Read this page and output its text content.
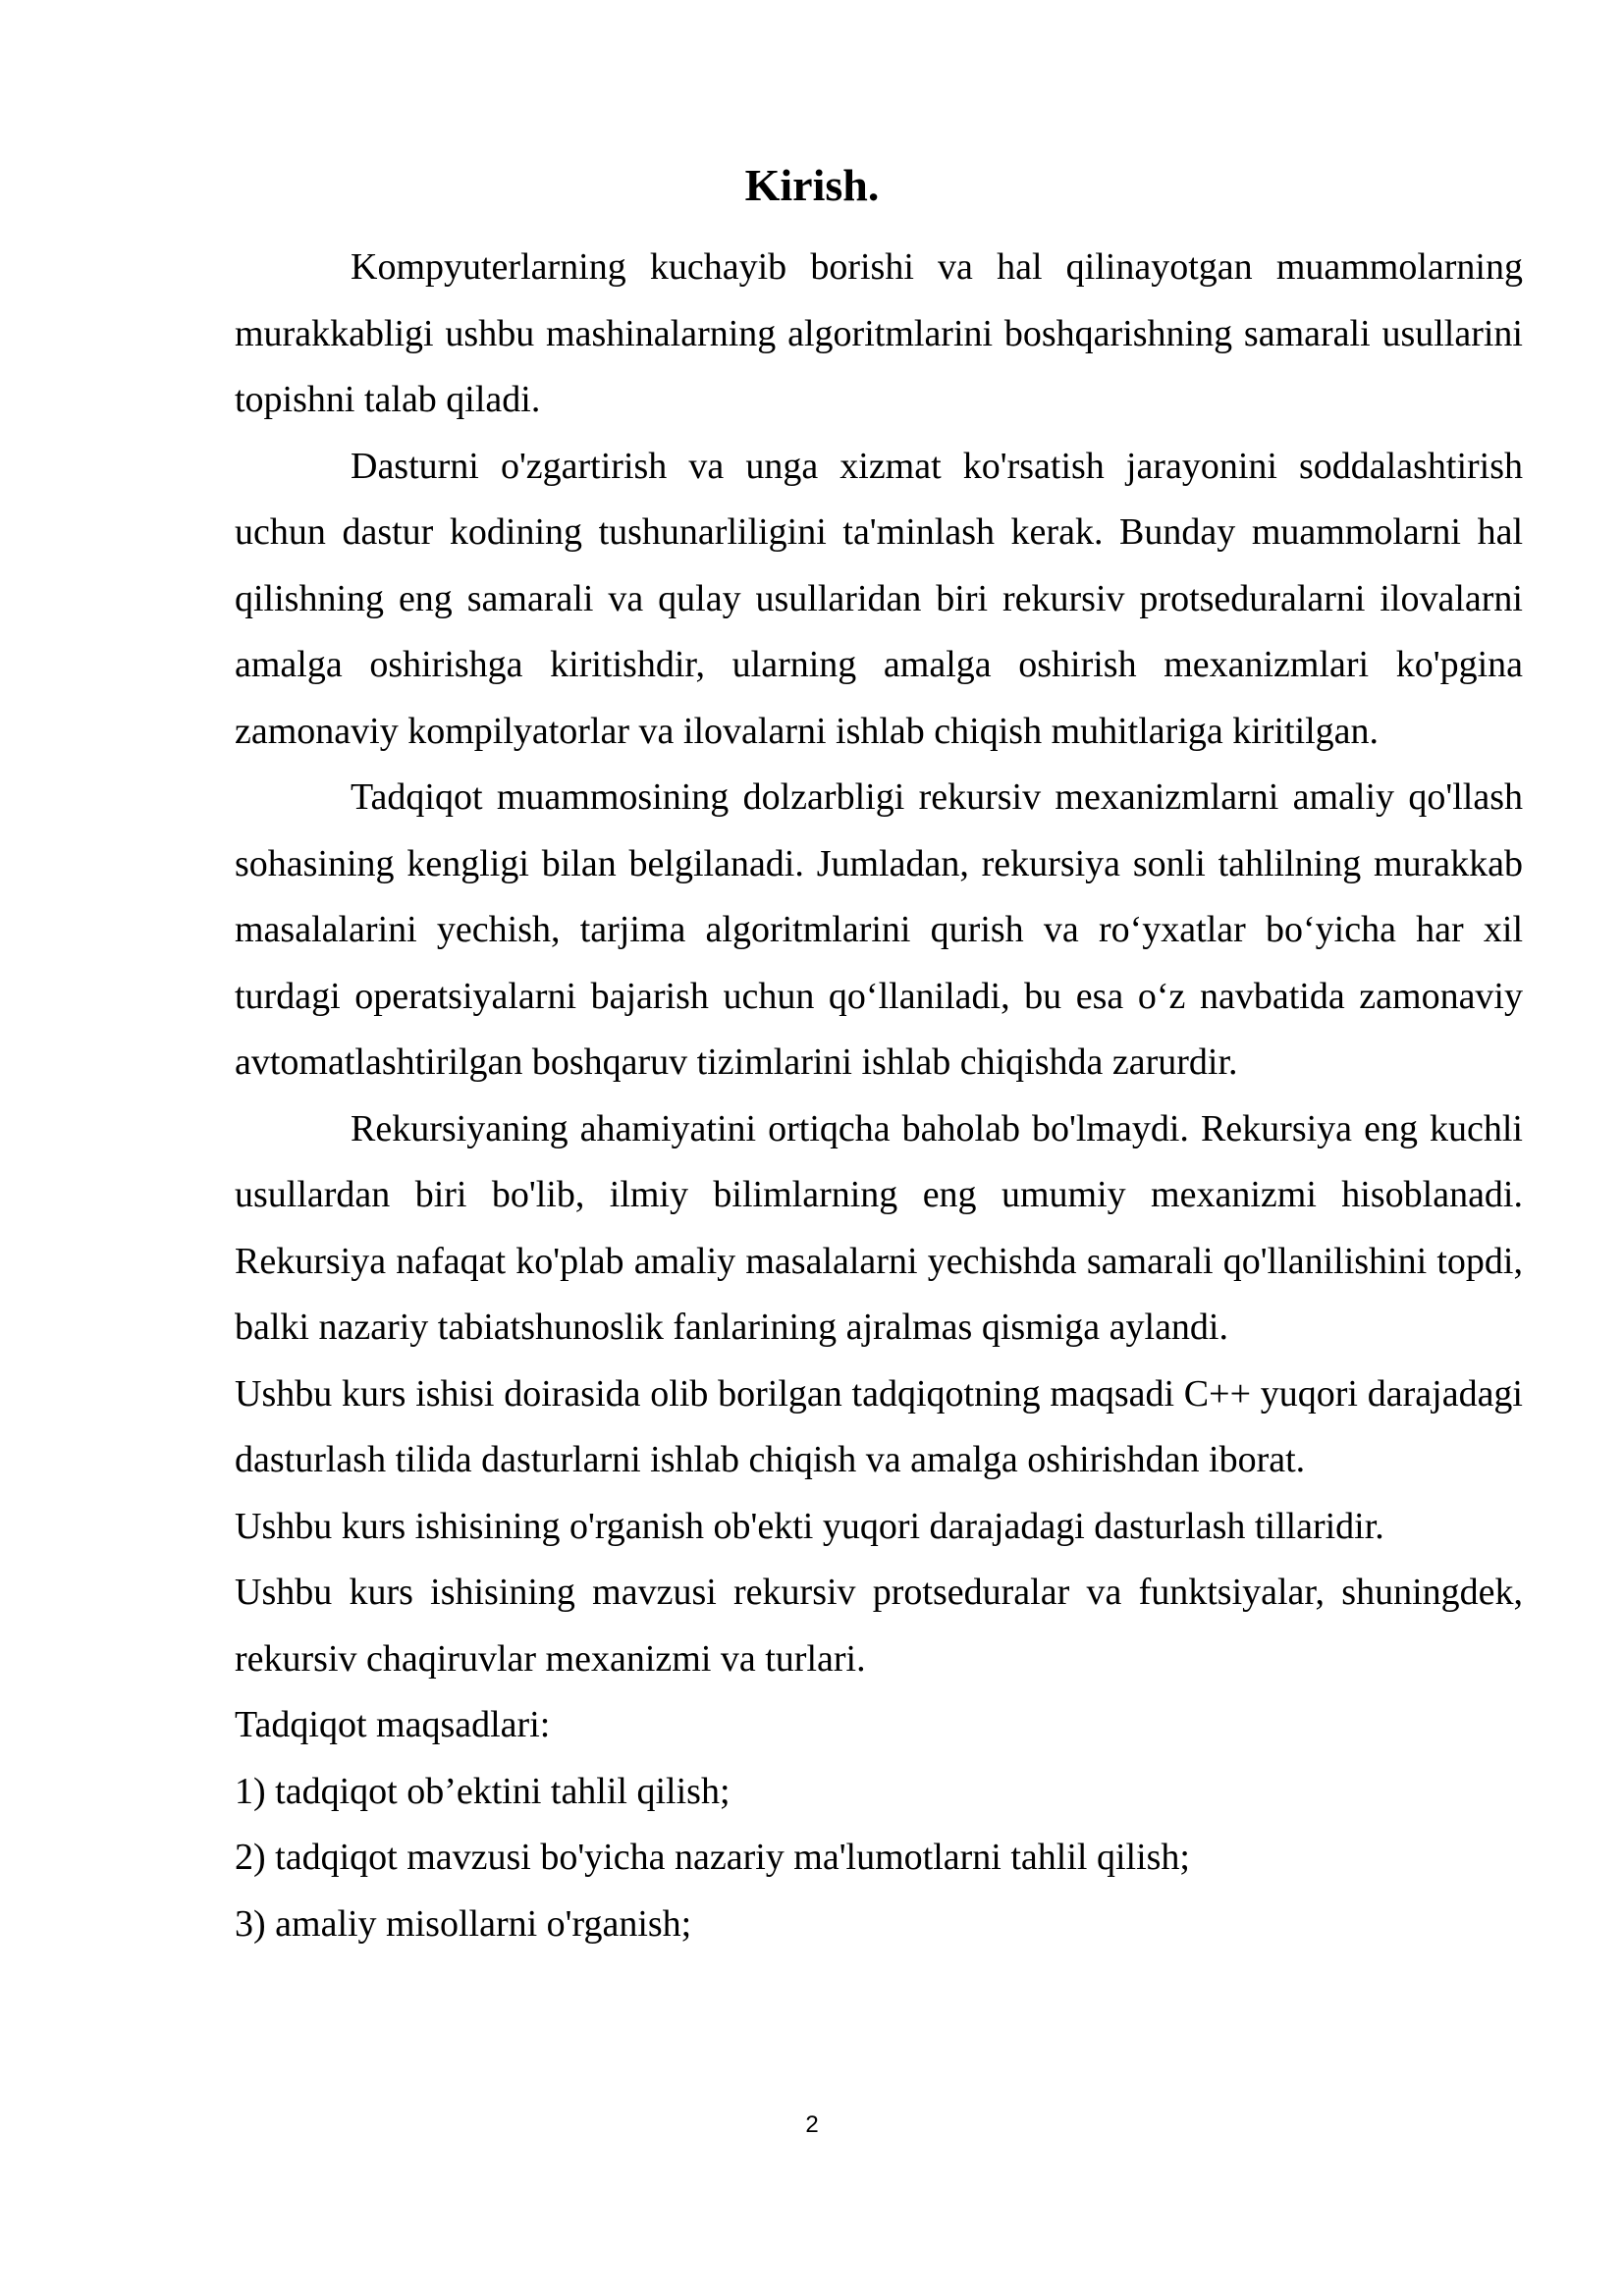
Kirish.

Kompyuterlarning kuchayib borishi va hal qilinayotgan muammolarning murakkabligi ushbu mashinalarning algoritmlarini boshqarishning samarali usullarini topishni talab qiladi.

Dasturni o'zgartirish va unga xizmat ko'rsatish jarayonini soddalashtirish uchun dastur kodining tushunarliligini ta'minlash kerak. Bunday muammolarni hal qilishning eng samarali va qulay usullaridan biri rekursiv protseduralarni ilovalarni amalga oshirishga kiritishdir, ularning amalga oshirish mexanizmlari ko'pgina zamonaviy kompilyatorlar va ilovalarni ishlab chiqish muhitlariga kiritilgan.

Tadqiqot muammosining dolzarbligi rekursiv mexanizmlarni amaliy qo'llash sohasining kengligi bilan belgilanadi. Jumladan, rekursiya sonli tahlilning murakkab masalalarini yechish, tarjima algoritmlarini qurish va ro‘yxatlar bo‘yicha har xil turdagi operatsiyalarni bajarish uchun qo‘llaniladi, bu esa o‘z navbatida zamonaviy avtomatlashtirilgan boshqaruv tizimlarini ishlab chiqishda zarurdir.

Rekursiyaning ahamiyatini ortiqcha baholab bo'lmaydi. Rekursiya eng kuchli usullardan biri bo'lib, ilmiy bilimlarning eng umumiy mexanizmi hisoblanadi. Rekursiya nafaqat ko'plab amaliy masalalarni yechishda samarali qo'llanilishini topdi, balki nazariy tabiatshunoslik fanlarining ajralmas qismiga aylandi.

Ushbu kurs ishisi doirasida olib borilgan tadqiqotning maqsadi C++ yuqori darajadagi dasturlash tilida dasturlarni ishlab chiqish va amalga oshirishdan iborat.

Ushbu kurs ishisining o'rganish ob'ekti yuqori darajadagi dasturlash tillaridir.

Ushbu kurs ishisining mavzusi rekursiv protseduralar va funktsiyalar, shuningdek, rekursiv chaqiruvlar mexanizmi va turlari.

Tadqiqot maqsadlari:

1) tadqiqot ob’ektini tahlil qilish;

2) tadqiqot mavzusi bo'yicha nazariy ma'lumotlarni tahlil qilish;

3) amaliy misollarni o'rganish;

2
